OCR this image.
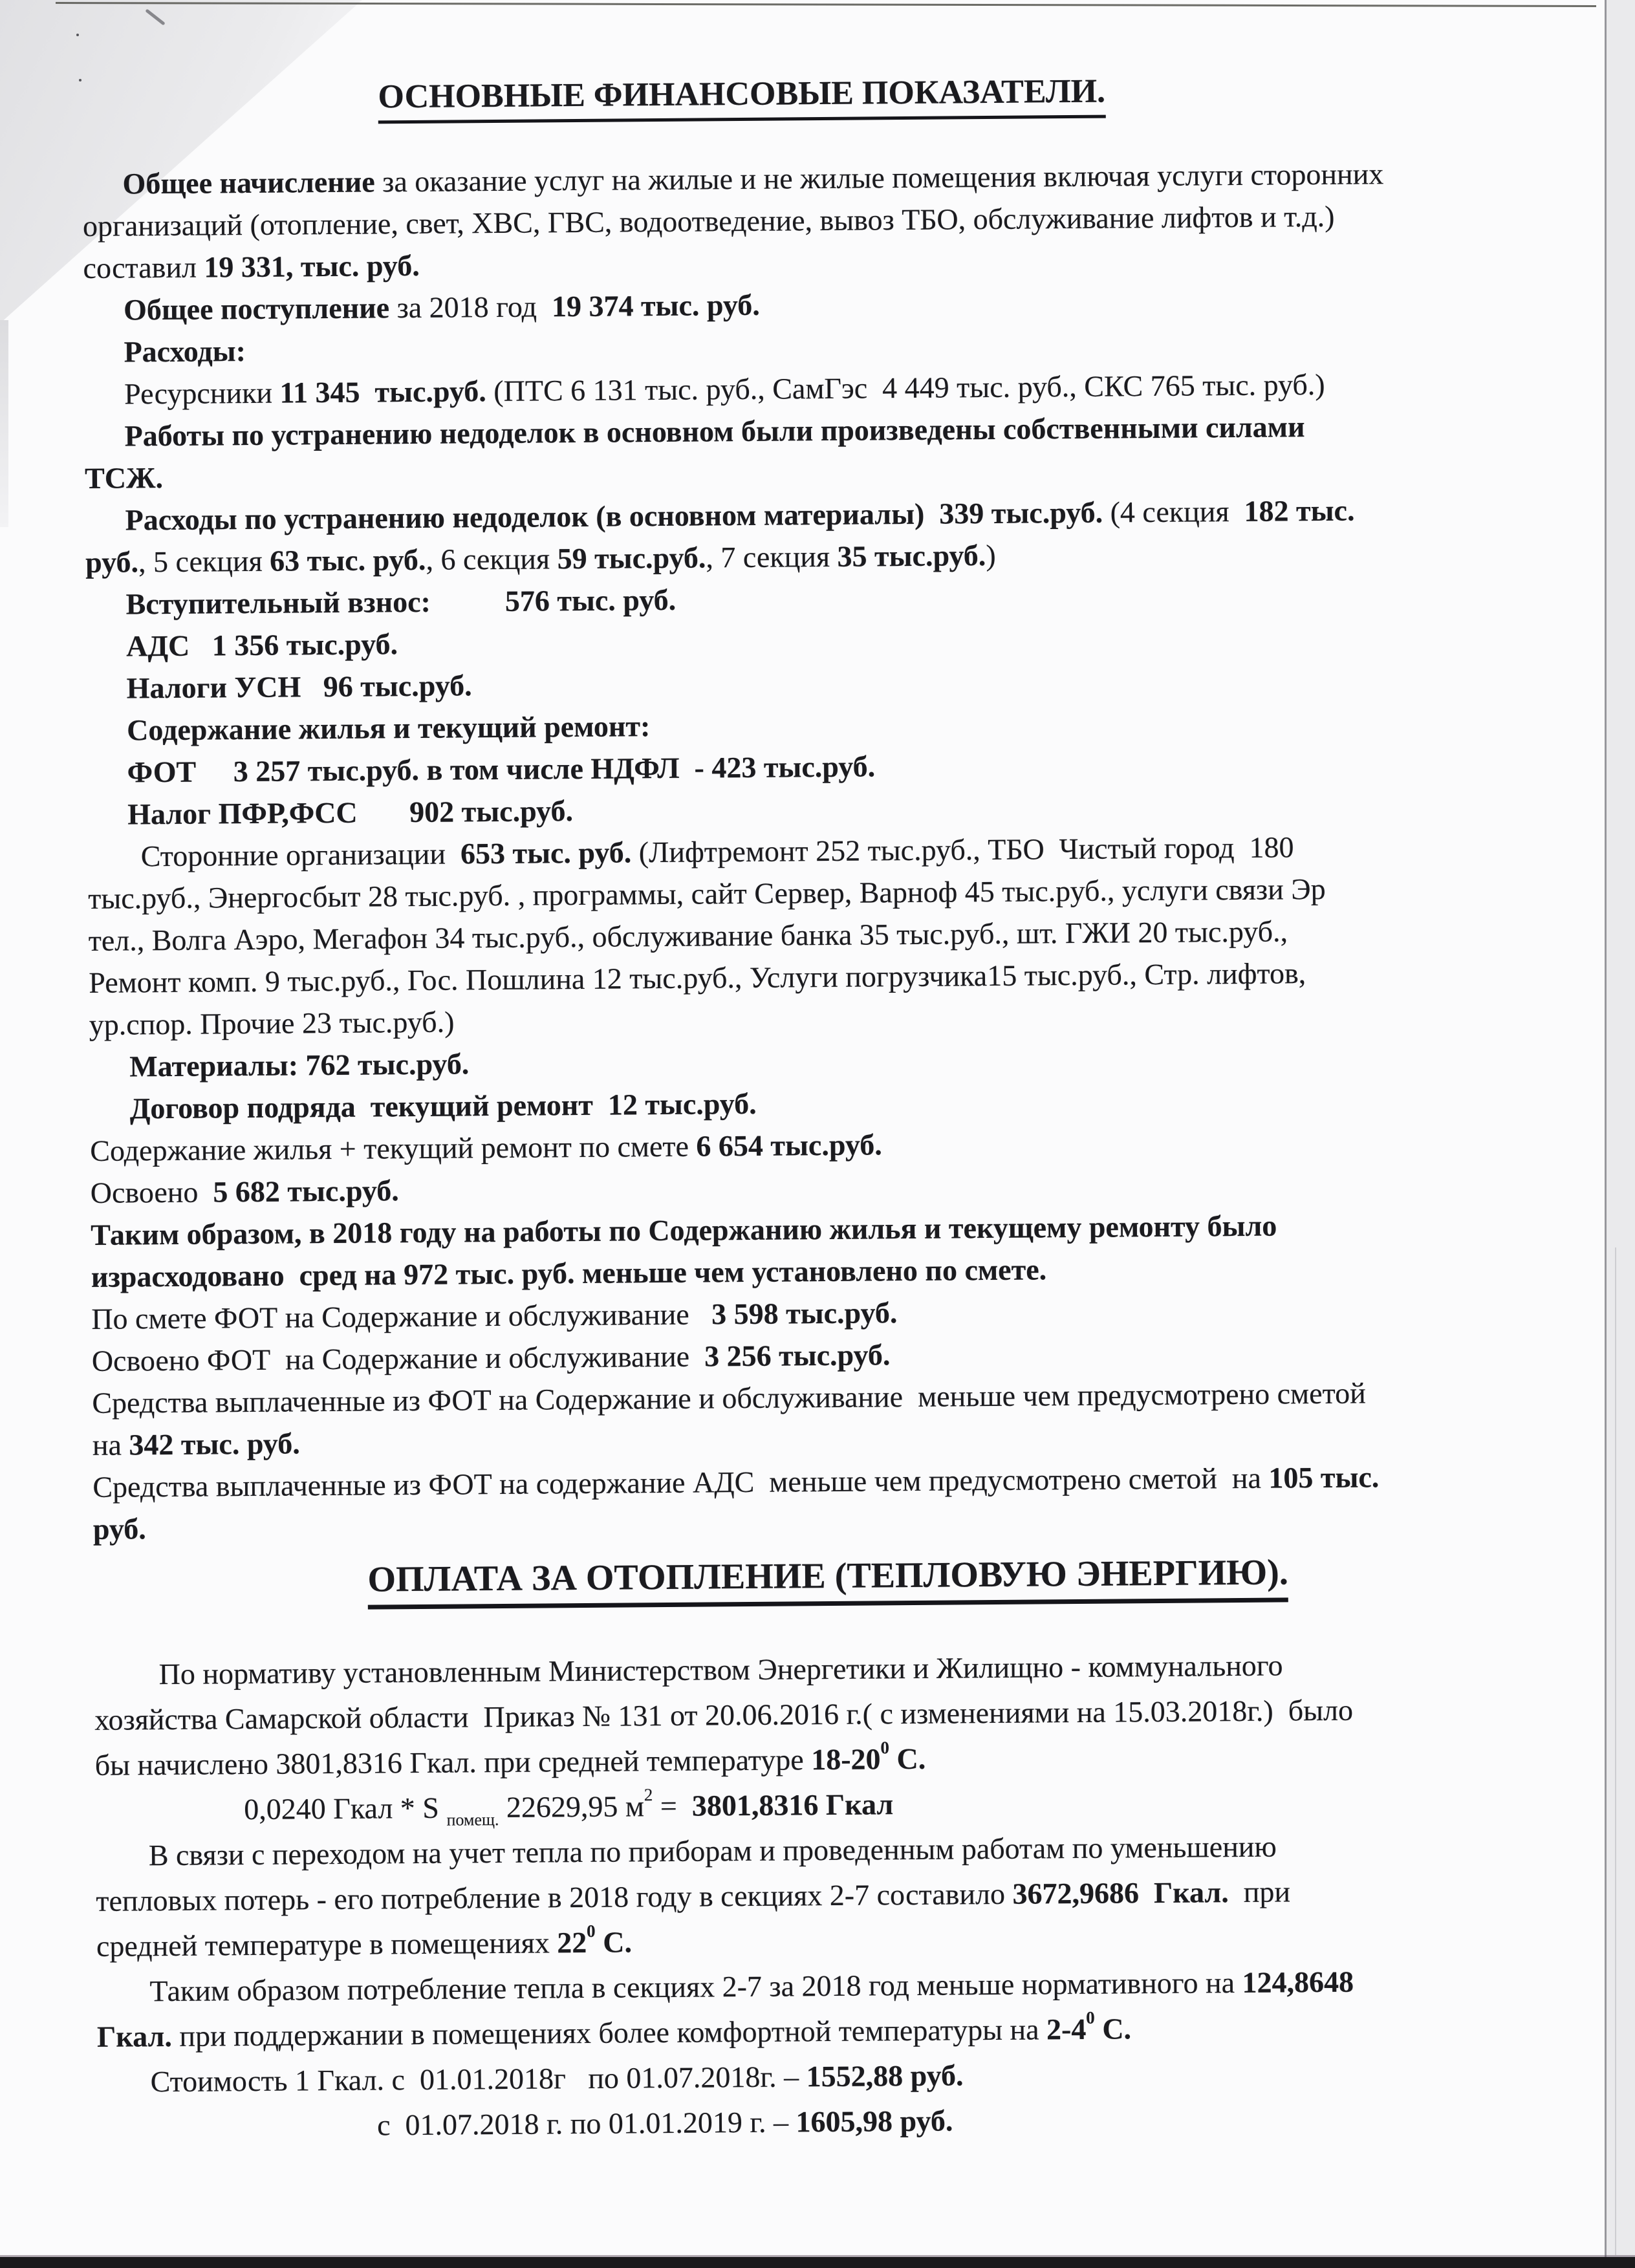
ОСНОВНЫЕ ФИНАНСОВЫЕ ПОКАЗАТЕЛИ.

Общее начисление за оказание услуг на жилые и не жилые помещения включая услуги сторонних
организаций (отопление, свет, ХВС, ГВС, водоотведение, вывоз ТБО, обслуживание лифтов и т.д.)
составил 19 331, тыс. руб.

Общее поступление за 2018 год  19 374 тыс. руб.

Расходы:

Ресурсники 11 345  тыс.руб. (ПТС 6 131 тыс. руб., СамГэс  4 449 тыс. руб., СКС 765 тыс. руб.)

Работы по устранению недоделок в основном были произведены собственными силами
ТСЖ.

Расходы по устранению недоделок (в основном материалы)  339 тыс.руб. (4 секция  182 тыс.
руб., 5 секция 63 тыс. руб., 6 секция 59 тыс.руб., 7 секция 35 тыс.руб.)

Вступительный взнос: 576 тыс. руб.

АДС   1 356 тыс.руб.

Налоги УСН   96 тыс.руб.

Содержание жилья и текущий ремонт:

ФОТ     3 257 тыс.руб. в том числе НДФЛ  - 423 тыс.руб.

Налог ПФР,ФСС       902 тыс.руб.

Сторонние организации  653 тыс. руб. (Лифтремонт 252 тыс.руб., ТБО  Чистый город  180
тыс.руб., Энергосбыт 28 тыс.руб. , программы, сайт Сервер, Варноф 45 тыс.руб., услуги связи Эр
тел., Волга Аэро, Мегафон 34 тыс.руб., обслуживание банка 35 тыс.руб., шт. ГЖИ 20 тыс.руб.,
Ремонт комп. 9 тыс.руб., Гос. Пошлина 12 тыс.руб., Услуги погрузчика15 тыс.руб., Стр. лифтов,
ур.спор. Прочие 23 тыс.руб.)

Материалы: 762 тыс.руб.

Договор подряда  текущий ремонт  12 тыс.руб.

Содержание жилья + текущий ремонт по смете 6 654 тыс.руб.

Освоено  5 682 тыс.руб.

Таким образом, в 2018 году на работы по Содержанию жилья и текущему ремонту было
израсходовано  сред на 972 тыс. руб. меньше чем установлено по смете.

По смете ФОТ на Содержание и обслуживание   3 598 тыс.руб.

Освоено ФОТ  на Содержание и обслуживание  3 256 тыс.руб.

Средства выплаченные из ФОТ на Содержание и обслуживание  меньше чем предусмотрено сметой
на 342 тыс. руб.

Средства выплаченные из ФОТ на содержание АДС  меньше чем предусмотрено сметой  на 105 тыс.
руб.

ОПЛАТА ЗА ОТОПЛЕНИЕ (ТЕПЛОВУЮ ЭНЕРГИЮ).

По нормативу установленным Министерством Энергетики и Жилищно - коммунального
хозяйства Самарской области  Приказ № 131 от 20.06.2016 г.( с изменениями на 15.03.2018г.)  было
бы начислено 3801,8316 Гкал. при средней температуре $18-20^0$ С.

0,0240 Гкал * S $_{помещ.}$ 22629,95 $м^2 = 3801,8316$ Гкал

В связи с переходом на учет тепла по приборам и проведенным работам по уменьшению
тепловых потерь - его потребление в 2018 году в секциях 2-7 составило 3672,9686  Гкал.  при
средней температуре в помещениях $22^0$ С.

Таким образом потребление тепла в секциях 2-7 за 2018 год меньше нормативного на 124,8648
Гкал. при поддержании в помещениях более комфортной температуры на $2-4^0$ С.

Стоимость 1 Гкал. с  01.01.2018г   по 01.07.2018г. – 1552,88 руб.

с  01.07.2018 г. по 01.01.2019 г. – 1605,98 руб.
